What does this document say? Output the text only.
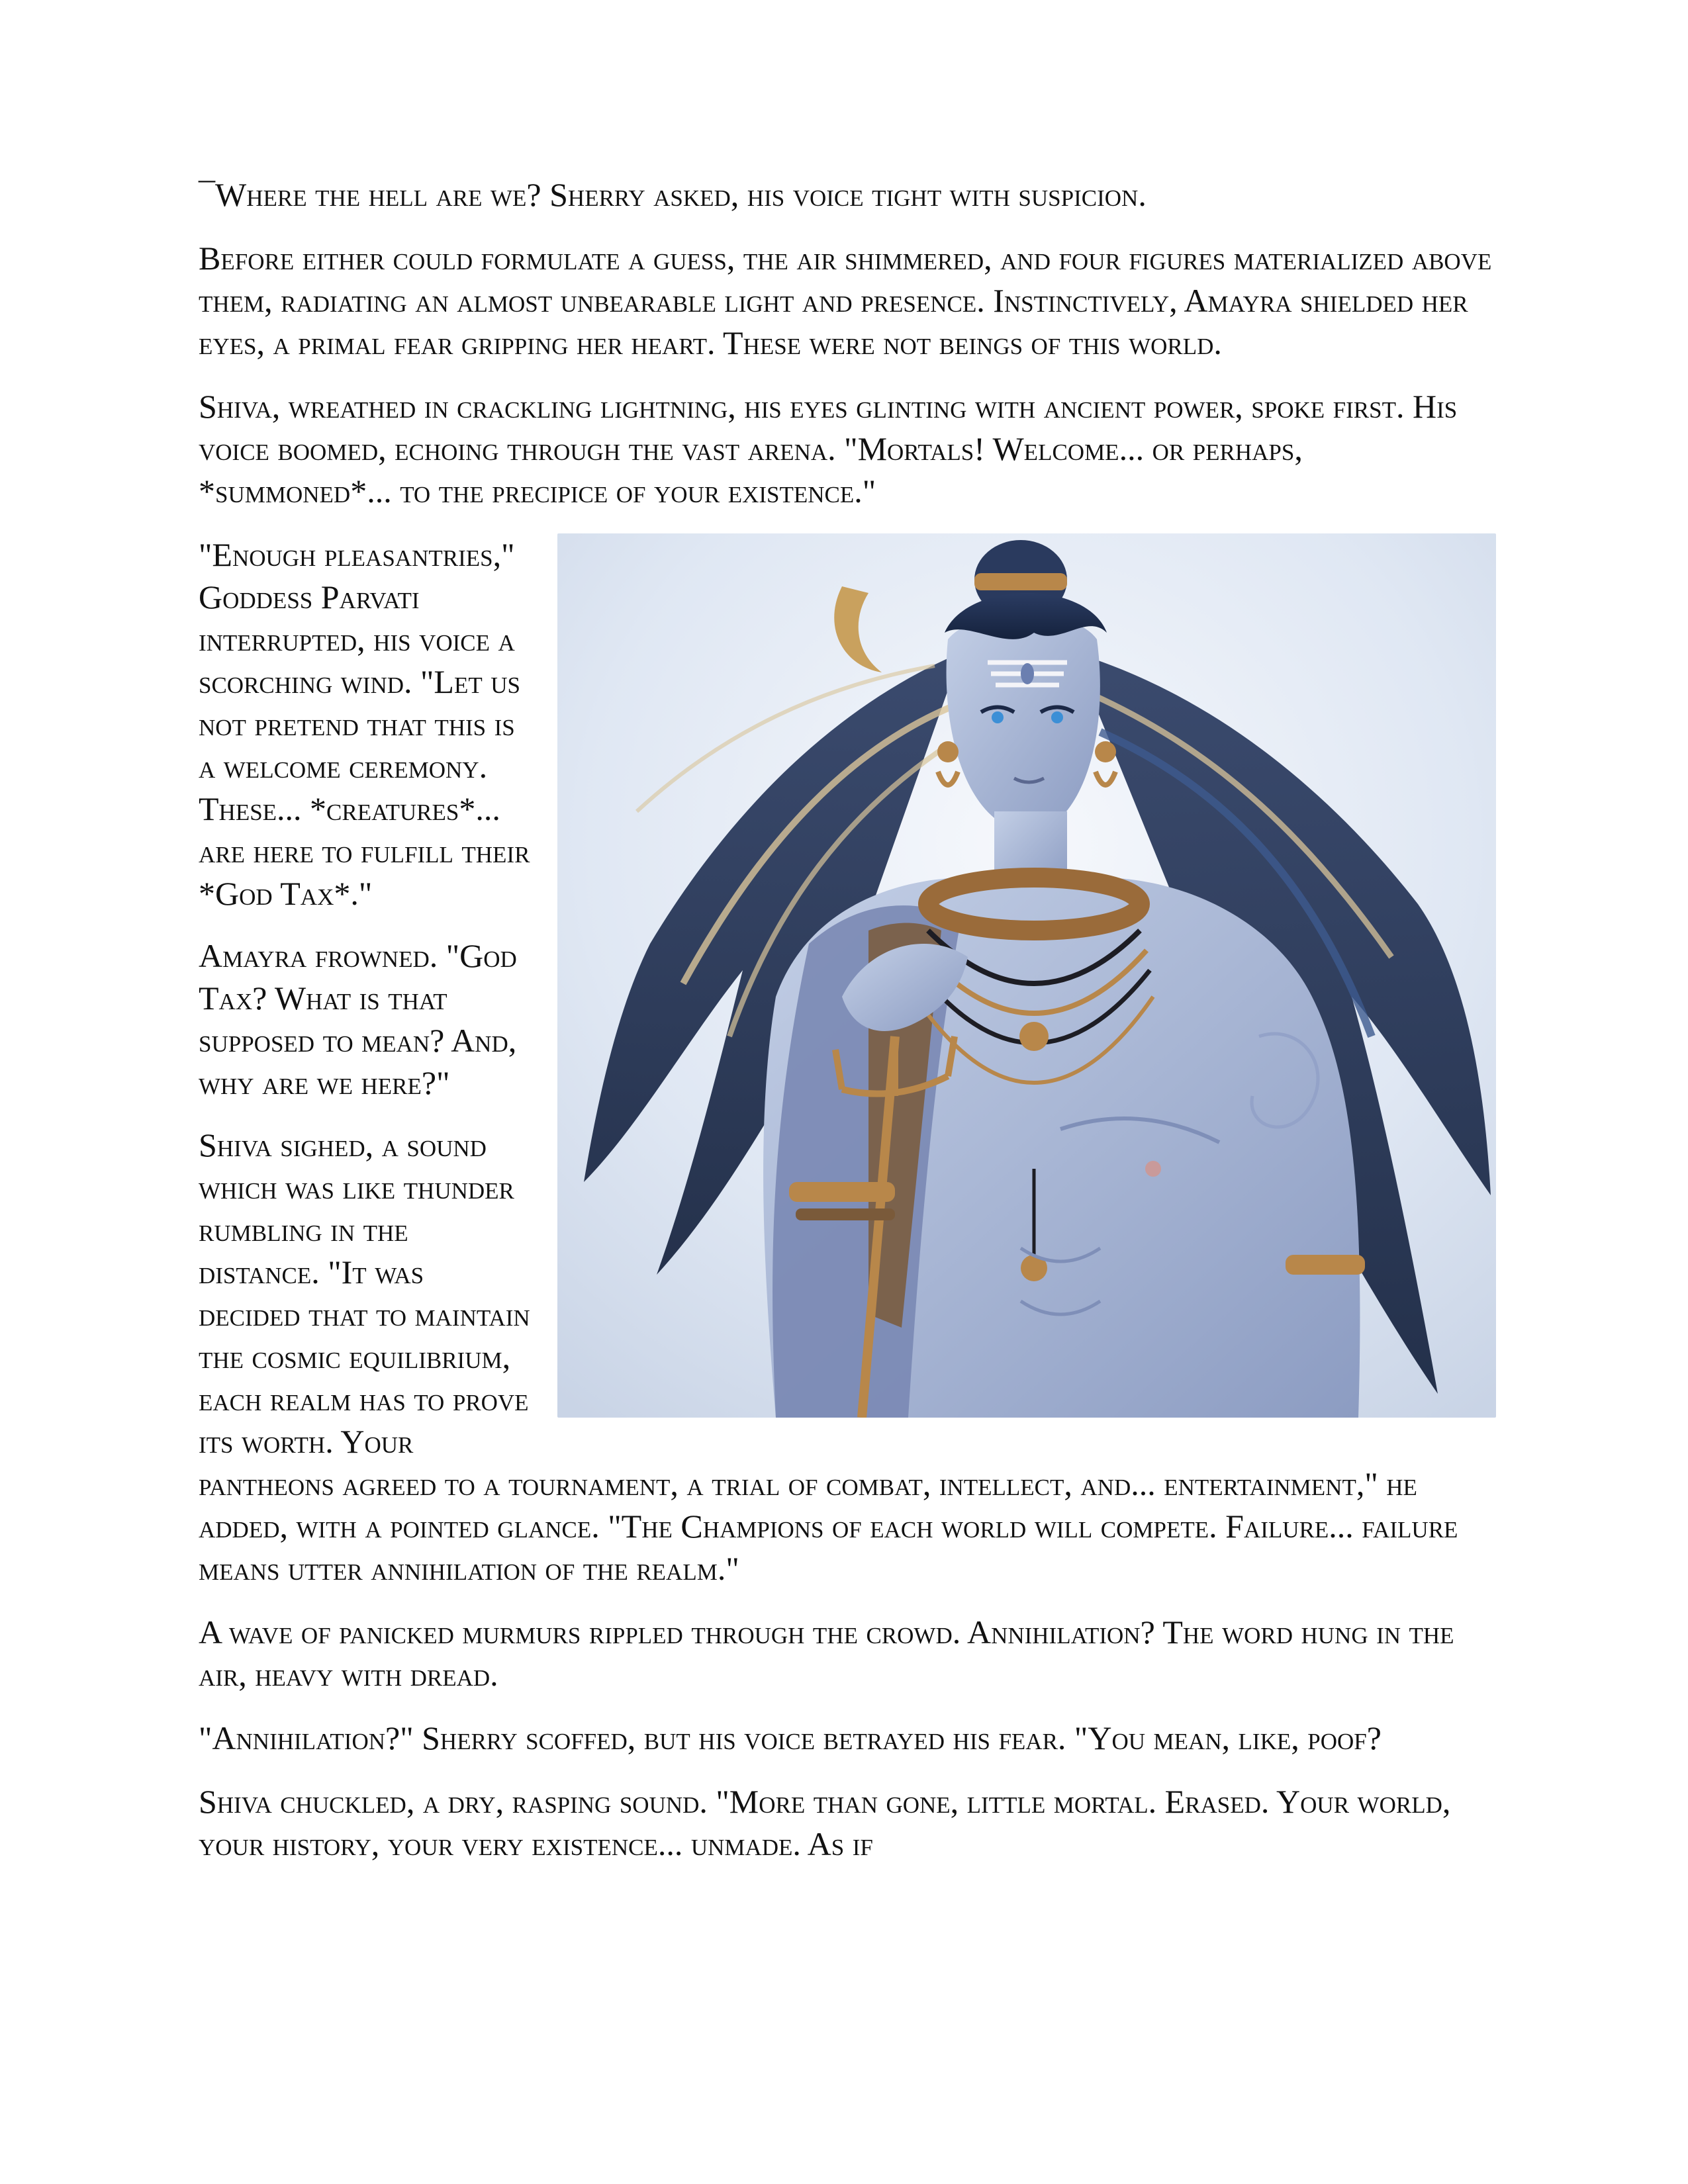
¯Where the hell are we? Sherry asked, his voice tight with suspicion.

Before either could formulate a guess, the air shimmered, and four figures materialized above them, radiating an almost unbearable light and presence. Instinctively, Amayra shielded her eyes, a primal fear gripping her heart. These were not beings of this world.

Shiva, wreathed in crackling lightning, his eyes glinting with ancient power, spoke first. His voice boomed, echoing through the vast arena. "Mortals! Welcome... or perhaps, *summoned*... to the precipice of your existence."

"Enough pleasantries," Goddess Parvati interrupted, his voice a scorching wind. "Let us not pretend that this is a welcome ceremony. These... *creatures*... are here to fulfill their *God Tax*."

Amayra frowned. "God Tax? What is that supposed to mean? And, why are we here?"

Shiva sighed, a sound which was like thunder rumbling in the distance. "It was decided that to maintain the cosmic equilibrium, each realm has to prove its worth. Your pantheons agreed to a tournament, a trial of combat, intellect, and... entertainment," he added, with a pointed glance. "The Champions of each world will compete. Failure... failure means utter annihilation of the realm."

A wave of panicked murmurs rippled through the crowd. Annihilation? The word hung in the air, heavy with dread.

"Annihilation?" Sherry scoffed, but his voice betrayed his fear. "You mean, like, poof?

Shiva chuckled, a dry, rasping sound. "More than gone, little mortal. Erased. Your world, your history, your very existence... unmade. As if
